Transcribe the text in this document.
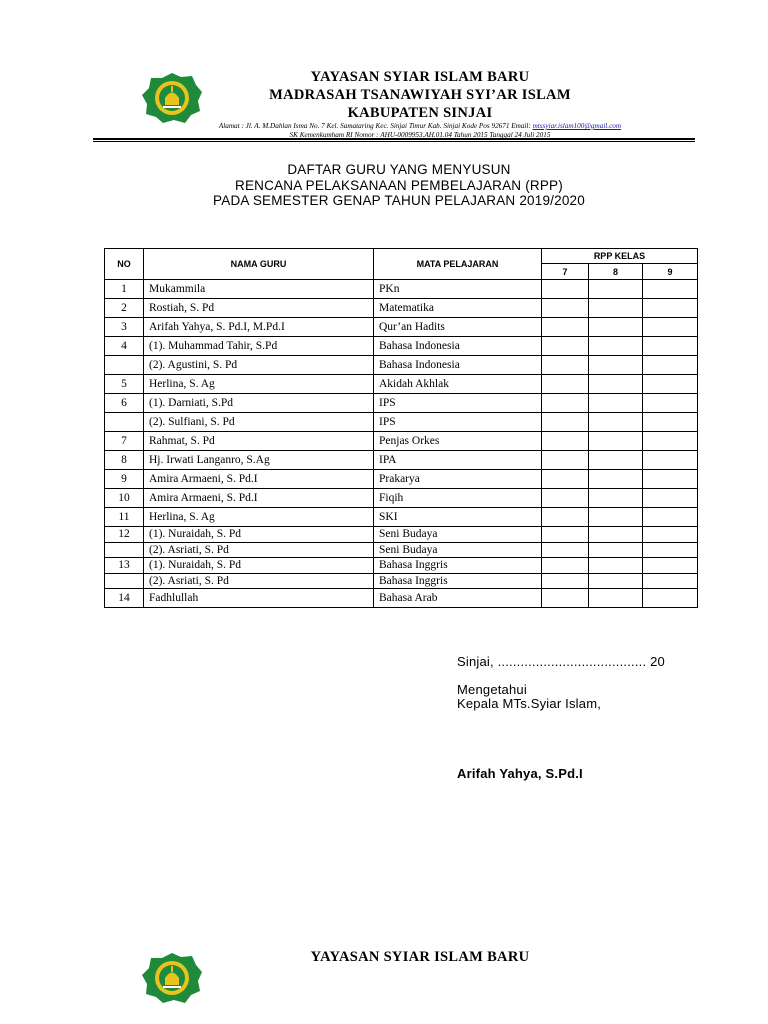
YAYASAN SYIAR ISLAM BARU
MADRASAH TSANAWIYAH SYI’AR ISLAM
KABUPATEN SINJAI
Alamat : Jl. A. M.Dahlan Isma No. 7 Kel. Samataring Kec. Sinjai Timur Kab. Sinjai Kode Pos 92671 Email: mtssyiar.islam100@gmail.com
SK Kemenkumham RI Nomor : AHU-0009953.AH.01.04 Tahun 2015 Tanggal 24 Juli 2015
DAFTAR GURU YANG MENYUSUN
RENCANA PELAKSANAAN PEMBELAJARAN (RPP)
PADA SEMESTER GENAP TAHUN PELAJARAN 2019/2020
NO	NAMA GURU	MATA PELAJARAN	RPP KELAS		
			7	8	9
1	Mukammila	PKn			
2	Rostiah, S. Pd	Matematika			
3	Arifah Yahya, S. Pd.I, M.Pd.I	Qur’an Hadits			
4	(1). Muhammad Tahir, S.Pd	Bahasa Indonesia			
	(2). Agustini, S. Pd	Bahasa Indonesia			
5	Herlina, S. Ag	Akidah Akhlak			
6	(1). Darniati, S.Pd	IPS			
	(2). Sulfiani, S. Pd	IPS			
7	Rahmat, S. Pd	Penjas Orkes			
8	Hj. Irwati Langanro, S.Ag	IPA			
9	Amira Armaeni, S. Pd.I	Prakarya			
10	Amira Armaeni, S. Pd.I	Fiqih			
11	Herlina, S. Ag	SKI			
12	(1). Nuraidah, S. Pd	Seni Budaya			
	(2). Asriati, S. Pd	Seni Budaya			
13	(1). Nuraidah, S. Pd	Bahasa Inggris			
	(2). Asriati, S. Pd	Bahasa Inggris			
14	Fadhlullah	Bahasa Arab			
Sinjai, ....................................... 20
Mengetahui
Kepala MTs.Syiar Islam,
Arifah Yahya, S.Pd.I
YAYASAN SYIAR ISLAM BARU
